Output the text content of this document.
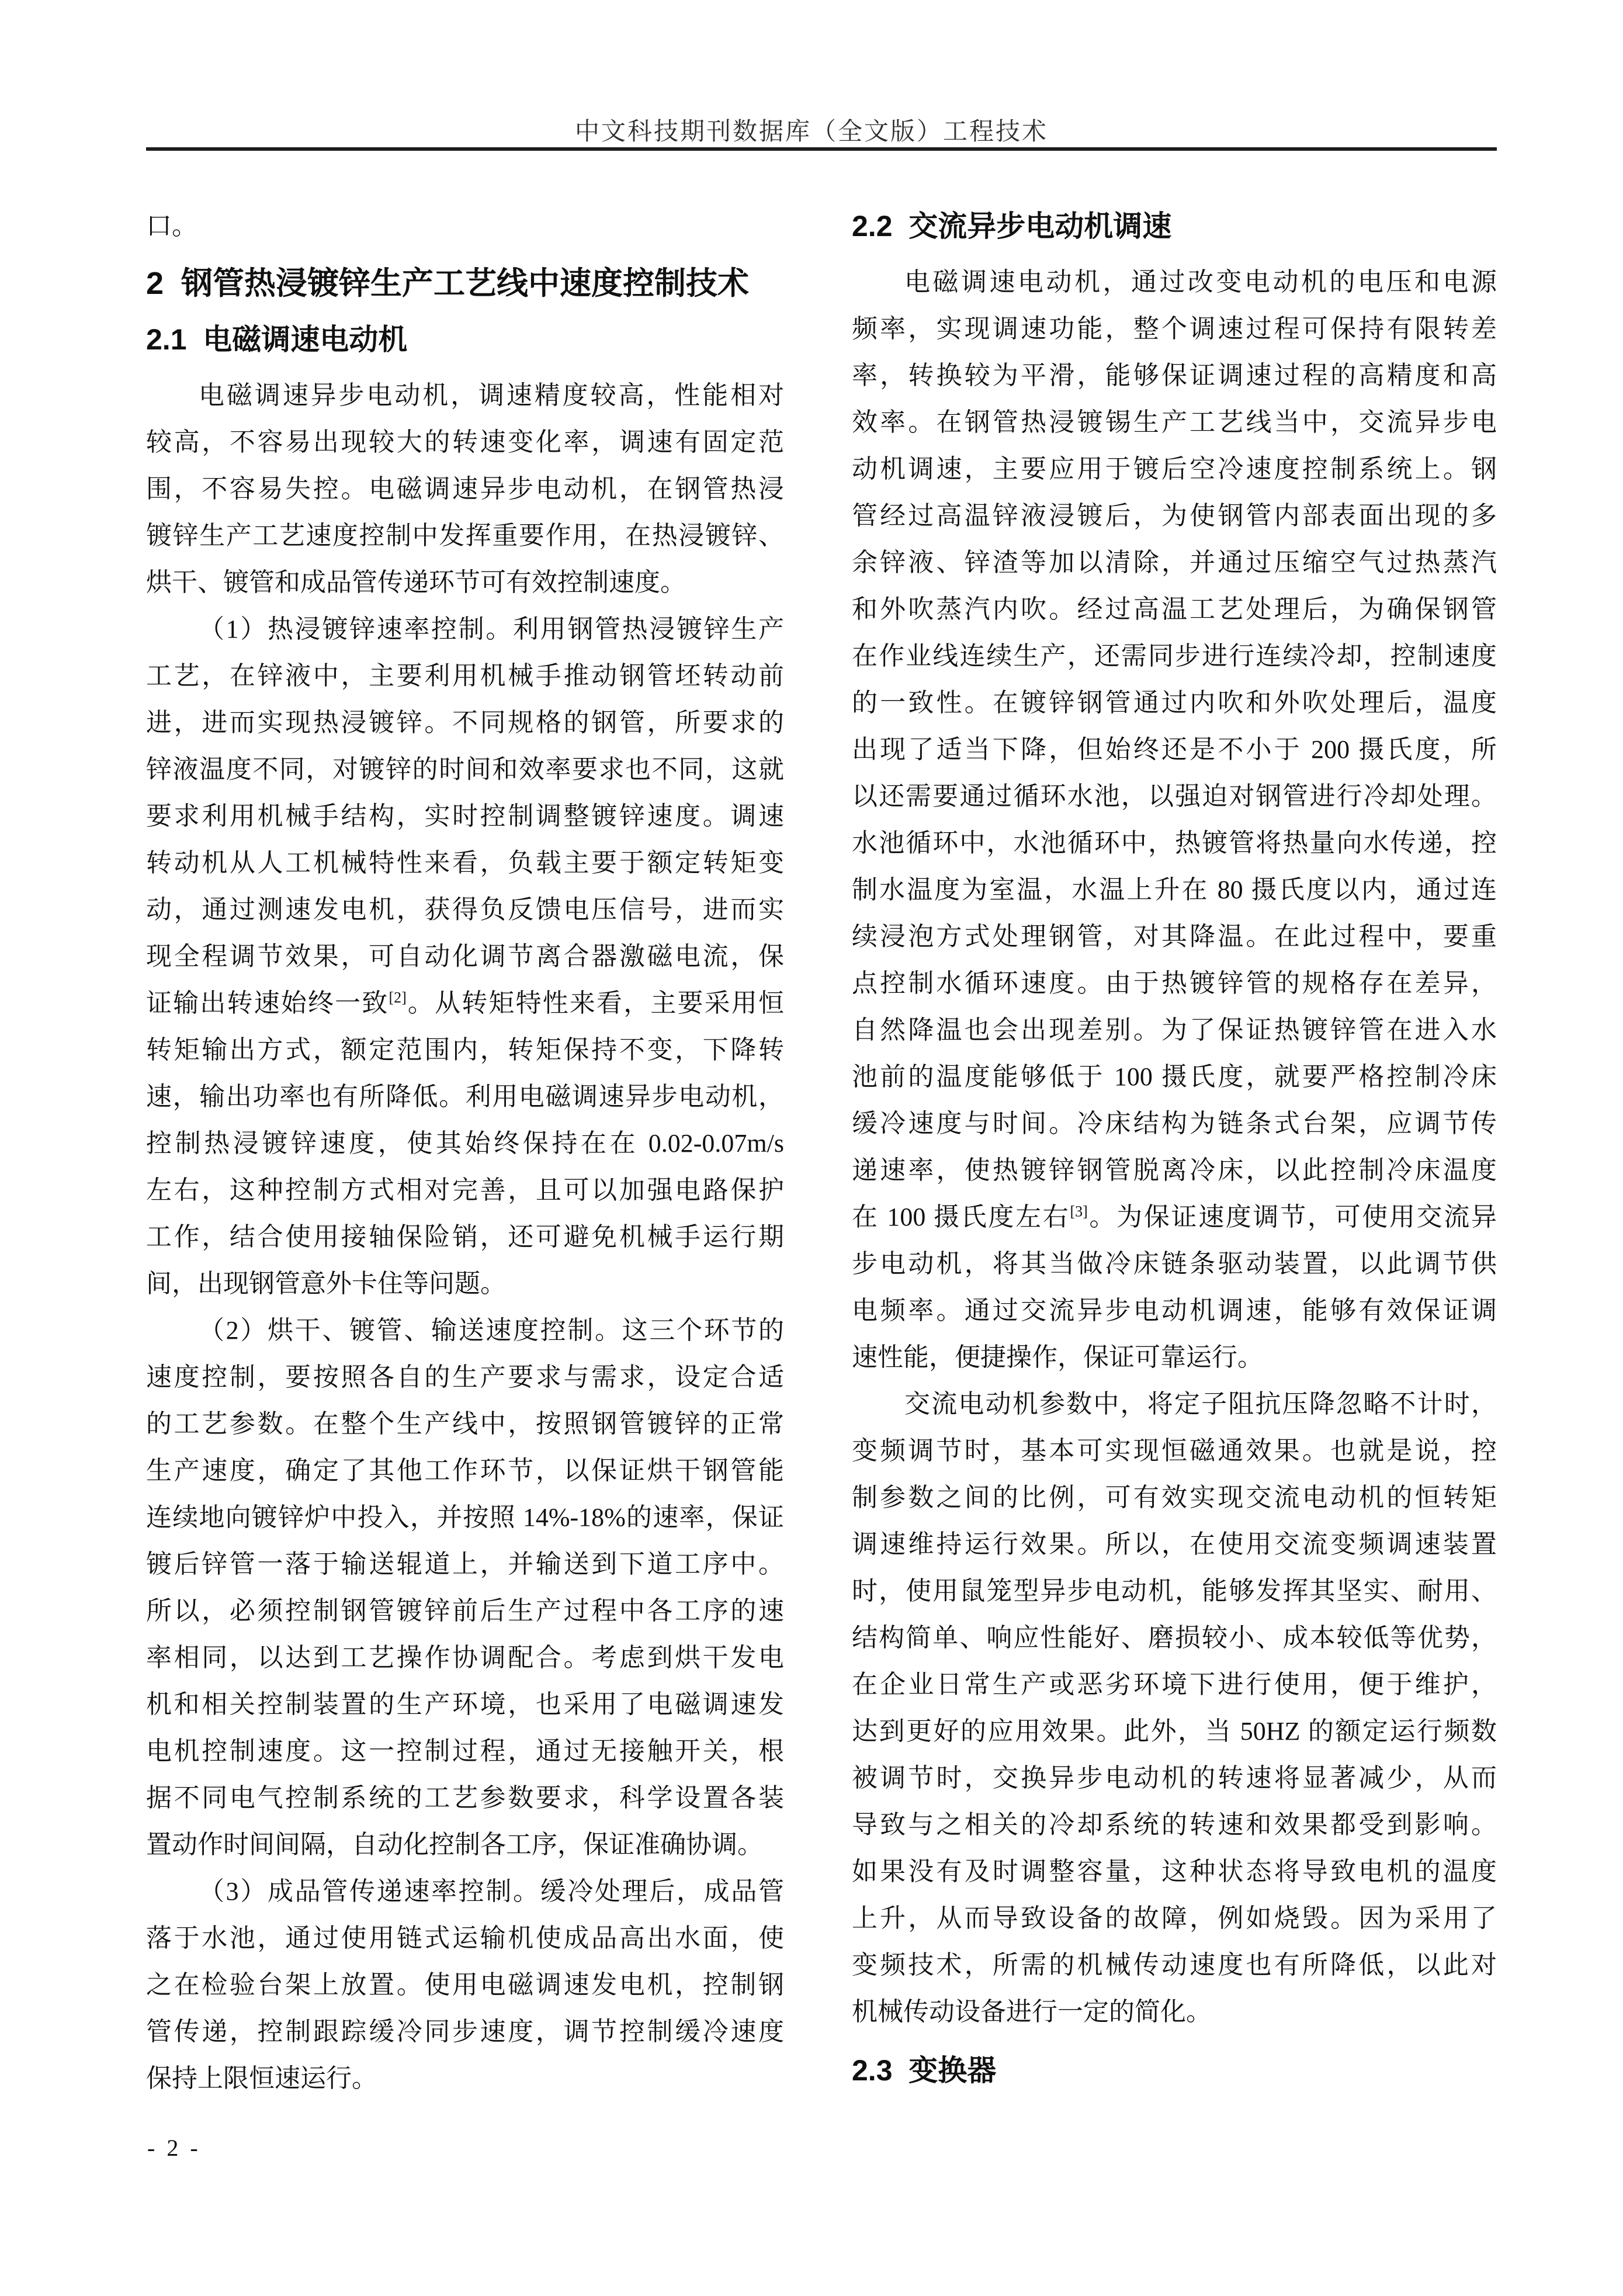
中文科技期刊数据库（全文版）工程技术
口。
2  钢管热浸镀锌生产工艺线中速度控制技术
2.1  电磁调速电动机
电磁调速异步电动机，调速精度较高，性能相对
较高，不容易出现较大的转速变化率，调速有固定范
围，不容易失控。电磁调速异步电动机，在钢管热浸
镀锌生产工艺速度控制中发挥重要作用，在热浸镀锌、
烘干、镀管和成品管传递环节可有效控制速度。
（1）热浸镀锌速率控制。利用钢管热浸镀锌生产
工艺，在锌液中，主要利用机械手推动钢管坯转动前
进，进而实现热浸镀锌。不同规格的钢管，所要求的
锌液温度不同，对镀锌的时间和效率要求也不同，这就
要求利用机械手结构，实时控制调整镀锌速度。调速
转动机从人工机械特性来看，负载主要于额定转矩变
动，通过测速发电机，获得负反馈电压信号，进而实
现全程调节效果，可自动化调节离合器激磁电流，保
证输出转速始终一致[2]。从转矩特性来看，主要采用恒
转矩输出方式，额定范围内，转矩保持不变，下降转
速，输出功率也有所降低。利用电磁调速异步电动机，
控制热浸镀锌速度，使其始终保持在在 0.02-0.07m/s
左右，这种控制方式相对完善，且可以加强电路保护
工作，结合使用接轴保险销，还可避免机械手运行期
间，出现钢管意外卡住等问题。
（2）烘干、镀管、输送速度控制。这三个环节的
速度控制，要按照各自的生产要求与需求，设定合适
的工艺参数。在整个生产线中，按照钢管镀锌的正常
生产速度，确定了其他工作环节，以保证烘干钢管能
连续地向镀锌炉中投入，并按照 14%-18%的速率，保证
镀后锌管一落于输送辊道上，并输送到下道工序中。
所以，必须控制钢管镀锌前后生产过程中各工序的速
率相同，以达到工艺操作协调配合。考虑到烘干发电
机和相关控制装置的生产环境，也采用了电磁调速发
电机控制速度。这一控制过程，通过无接触开关，根
据不同电气控制系统的工艺参数要求，科学设置各装
置动作时间间隔，自动化控制各工序，保证准确协调。
（3）成品管传递速率控制。缓冷处理后，成品管
落于水池，通过使用链式运输机使成品高出水面，使
之在检验台架上放置。使用电磁调速发电机，控制钢
管传递，控制跟踪缓冷同步速度，调节控制缓冷速度
保持上限恒速运行。
2.2  交流异步电动机调速
电磁调速电动机，通过改变电动机的电压和电源
频率，实现调速功能，整个调速过程可保持有限转差
率，转换较为平滑，能够保证调速过程的高精度和高
效率。在钢管热浸镀锡生产工艺线当中，交流异步电
动机调速，主要应用于镀后空冷速度控制系统上。钢
管经过高温锌液浸镀后，为使钢管内部表面出现的多
余锌液、锌渣等加以清除，并通过压缩空气过热蒸汽
和外吹蒸汽内吹。经过高温工艺处理后，为确保钢管
在作业线连续生产，还需同步进行连续冷却，控制速度
的一致性。在镀锌钢管通过内吹和外吹处理后，温度
出现了适当下降，但始终还是不小于 200 摄氏度，所
以还需要通过循环水池，以强迫对钢管进行冷却处理。
水池循环中，水池循环中，热镀管将热量向水传递，控
制水温度为室温，水温上升在 80 摄氏度以内，通过连
续浸泡方式处理钢管，对其降温。在此过程中，要重
点控制水循环速度。由于热镀锌管的规格存在差异，
自然降温也会出现差别。为了保证热镀锌管在进入水
池前的温度能够低于 100 摄氏度，就要严格控制冷床
缓冷速度与时间。冷床结构为链条式台架，应调节传
递速率，使热镀锌钢管脱离冷床，以此控制冷床温度
在 100 摄氏度左右[3]。为保证速度调节，可使用交流异
步电动机，将其当做冷床链条驱动装置，以此调节供
电频率。通过交流异步电动机调速，能够有效保证调
速性能，便捷操作，保证可靠运行。
交流电动机参数中，将定子阻抗压降忽略不计时，
变频调节时，基本可实现恒磁通效果。也就是说，控
制参数之间的比例，可有效实现交流电动机的恒转矩
调速维持运行效果。所以，在使用交流变频调速装置
时，使用鼠笼型异步电动机，能够发挥其坚实、耐用、
结构简单、响应性能好、磨损较小、成本较低等优势，
在企业日常生产或恶劣环境下进行使用，便于维护，
达到更好的应用效果。此外，当 50HZ 的额定运行频数
被调节时，交换异步电动机的转速将显著减少，从而
导致与之相关的冷却系统的转速和效果都受到影响。
如果没有及时调整容量，这种状态将导致电机的温度
上升，从而导致设备的故障，例如烧毁。因为采用了
变频技术，所需的机械传动速度也有所降低，以此对
机械传动设备进行一定的简化。
2.3  变换器
- 2 -
